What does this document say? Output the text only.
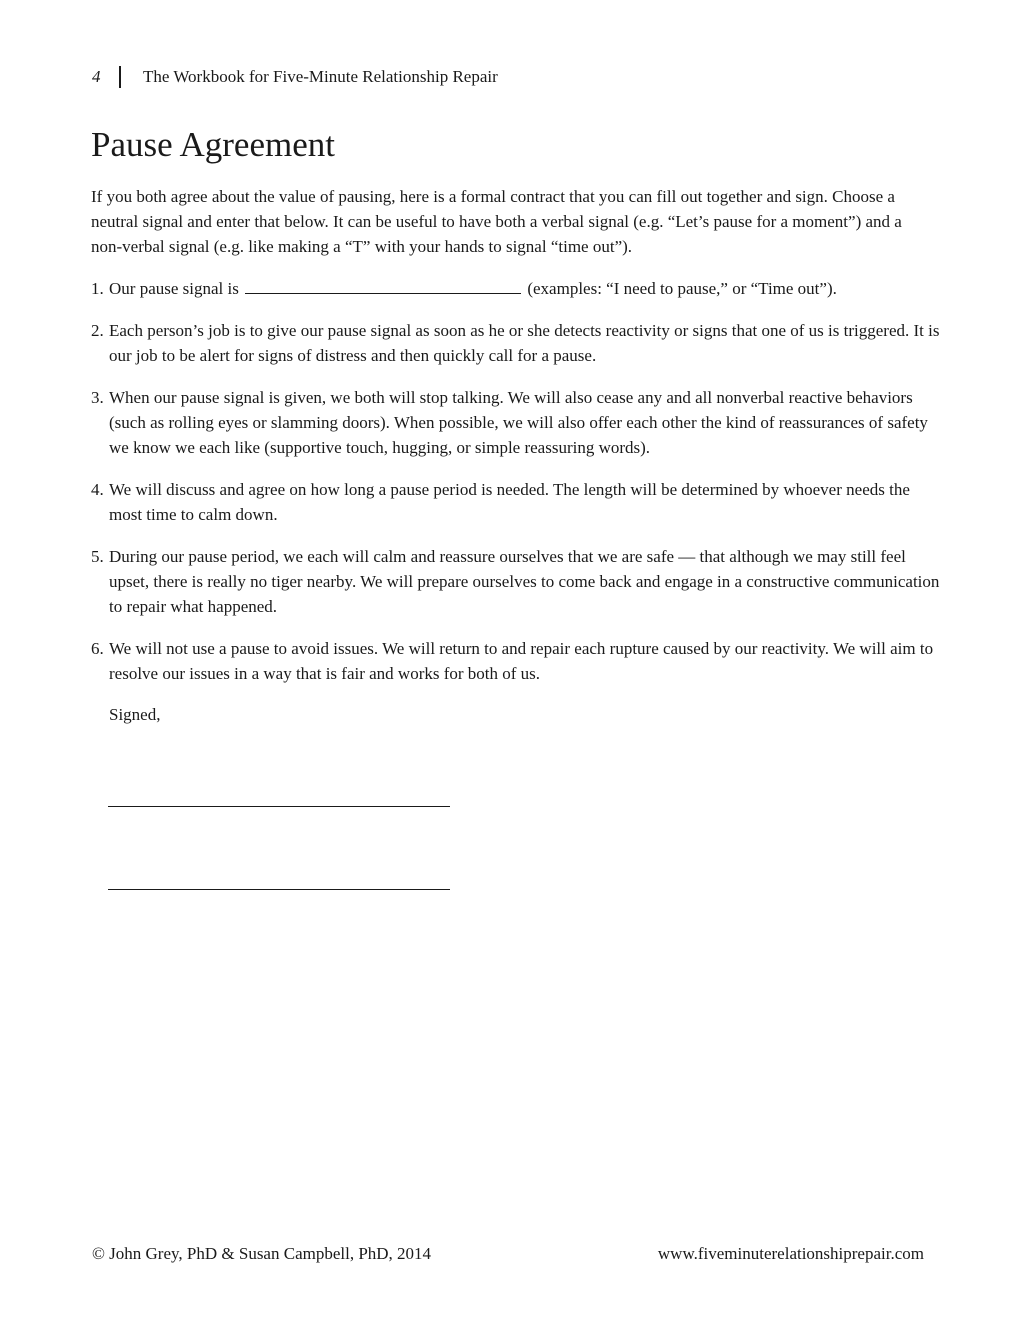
4	The Workbook for Five-Minute Relationship Repair
Pause Agreement

If you both agree about the value of pausing, here is a formal contract that you can fill out together and sign. Choose a neutral signal and enter that below. It can be useful to have both a verbal signal (e.g. “Let’s pause for a moment”) and a non-verbal signal (e.g. like making a “T” with your hands to signal “time out”).

1. Our pause signal is	(examples: “I need to pause,” or “Time out”).
2. Each person’s job is to give our pause signal as soon as he or she detects reactivity or signs that one of us is triggered. It is our job to be alert for signs of distress and then quickly call for a pause.
3. When our pause signal is given, we both will stop talking. We will also cease any and all nonverbal reactive behaviors (such as rolling eyes or slamming doors). When possible, we will also offer each other the kind of reassurances of safety we know we each like (supportive touch, hugging, or simple reassuring words).
4. We will discuss and agree on how long a pause period is needed. The length will be determined by whoever needs the most time to calm down.
5. During our pause period, we each will calm and reassure ourselves that we are safe — that although we may still feel upset, there is really no tiger nearby. We will prepare ourselves to come back and engage in a constructive communication to repair what happened.
6. We will not use a pause to avoid issues. We will return to and repair each rupture caused by our reactivity. We will aim to resolve our issues in a way that is fair and works for both of us.
Signed,
© John Grey, PhD & Susan Campbell, PhD, 2014	www.fiveminuterelationshiprepair.com
